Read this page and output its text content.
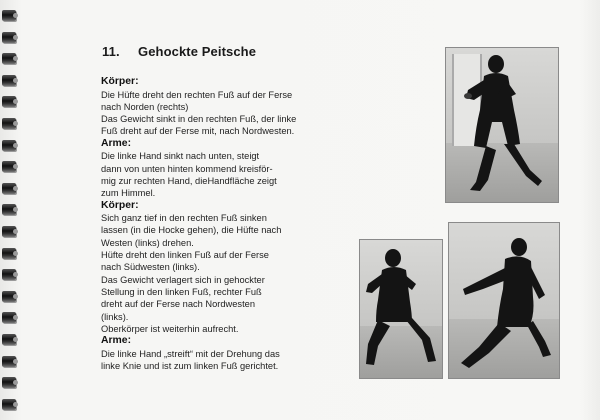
11. Gehockte Peitsche
Körper:
Die Hüfte dreht den rechten Fuß auf der Ferse
nach Norden (rechts)
Das Gewicht sinkt in den rechten Fuß, der linke
Fuß dreht auf der Ferse mit, nach Nordwesten.
Arme:
Die linke Hand sinkt nach unten, steigt
dann von unten hinten kommend kreisför-
mig zur rechten Hand, dieHandfläche zeigt
zum Himmel.
Körper:
Sich ganz tief in den rechten Fuß sinken
lassen (in die Hocke gehen), die Hüfte nach
Westen (links) drehen.
Hüfte dreht den linken Fuß auf der Ferse
nach Südwesten (links).
Das Gewicht verlagert sich in gehockter
Stellung in den linken Fuß, rechter Fuß
dreht auf der Ferse nach Nordwesten
(links).
Oberkörper ist weiterhin aufrecht.
Arme:
Die linke Hand „streift“ mit der Drehung das
linke Knie und ist zum linken Fuß gerichtet.
